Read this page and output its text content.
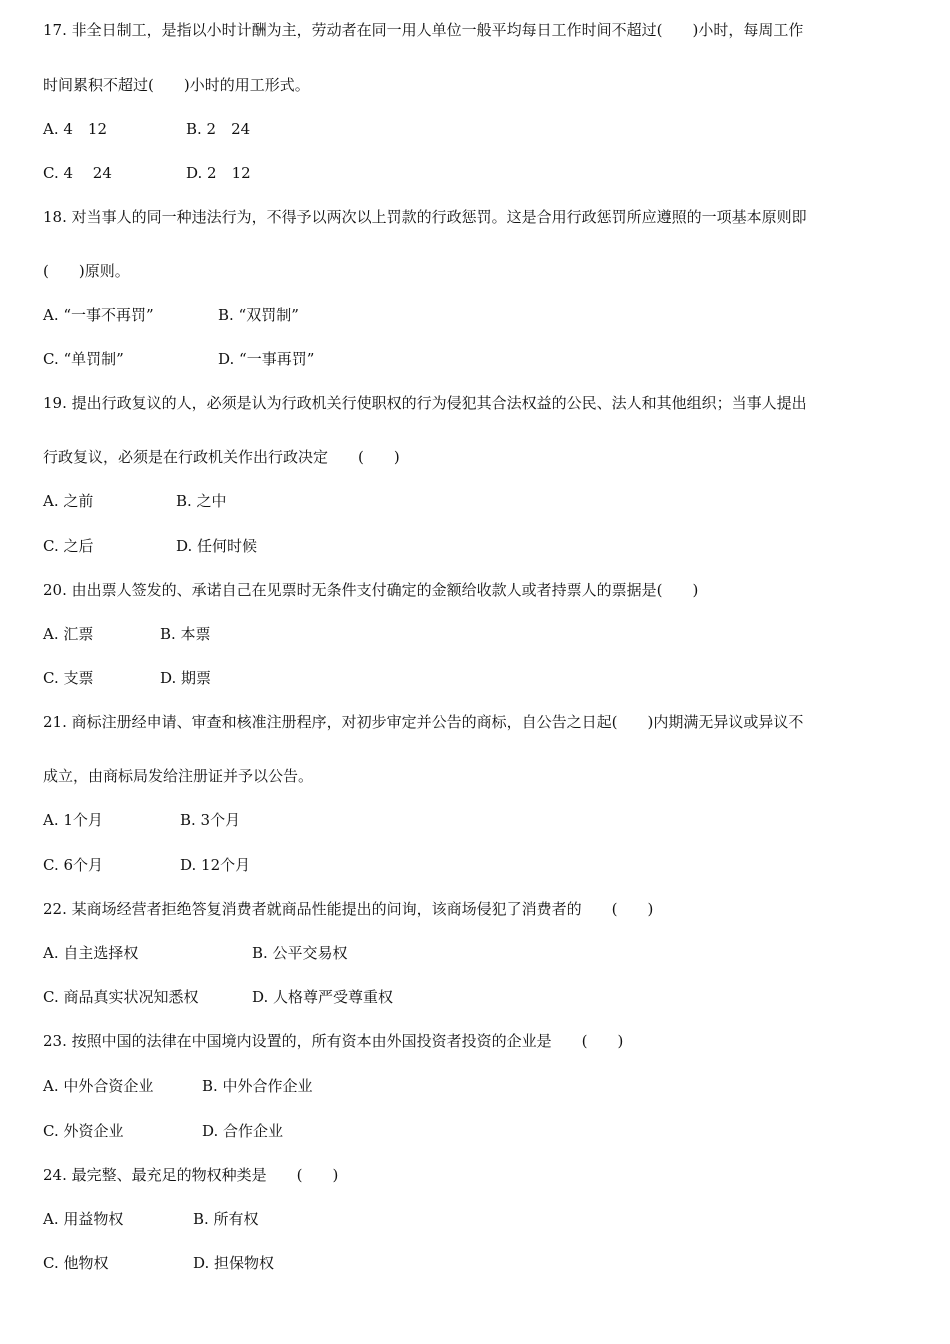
17. 非全日制工，是指以小时计酬为主，劳动者在同一用人单位一般平均每日工作时间不超过(　　)小时，每周工作
时间累积不超过(　　)小时的用工形式。
A. 4　12	B. 2　24
C. 4　 24	D. 2　12
18. 对当事人的同一种违法行为，不得予以两次以上罚款的行政惩罚。这是合用行政惩罚所应遵照的一项基本原则即
(　　)原则。
A. “一事不再罚”	B. “双罚制”
C. “单罚制”	D. “一事再罚”
19. 提出行政复议的人，必须是认为行政机关行使职权的行为侵犯其合法权益的公民、法人和其他组织；当事人提出
行政复议，必须是在行政机关作出行政决定　　(　　)
A. 之前	B. 之中
C. 之后	D. 任何时候
20. 由出票人签发的、承诺自己在见票时无条件支付确定的金额给收款人或者持票人的票据是(　　)
A. 汇票	B. 本票
C. 支票	D. 期票
21. 商标注册经申请、审查和核准注册程序，对初步审定并公告的商标，自公告之日起(　　)内期满无异议或异议不
成立，由商标局发给注册证并予以公告。
A. 1个月	B. 3个月
C. 6个月	D. 12个月
22. 某商场经营者拒绝答复消费者就商品性能提出的问询，该商场侵犯了消费者的　　(　　)
A. 自主选择权	B. 公平交易权
C. 商品真实状况知悉权	D. 人格尊严受尊重权
23. 按照中国的法律在中国境内设置的，所有资本由外国投资者投资的企业是　　(　　)
A. 中外合资企业	B. 中外合作企业
C. 外资企业	D. 合作企业
24. 最完整、最充足的物权种类是　　(　　)
A. 用益物权	B. 所有权
C. 他物权	D. 担保物权
